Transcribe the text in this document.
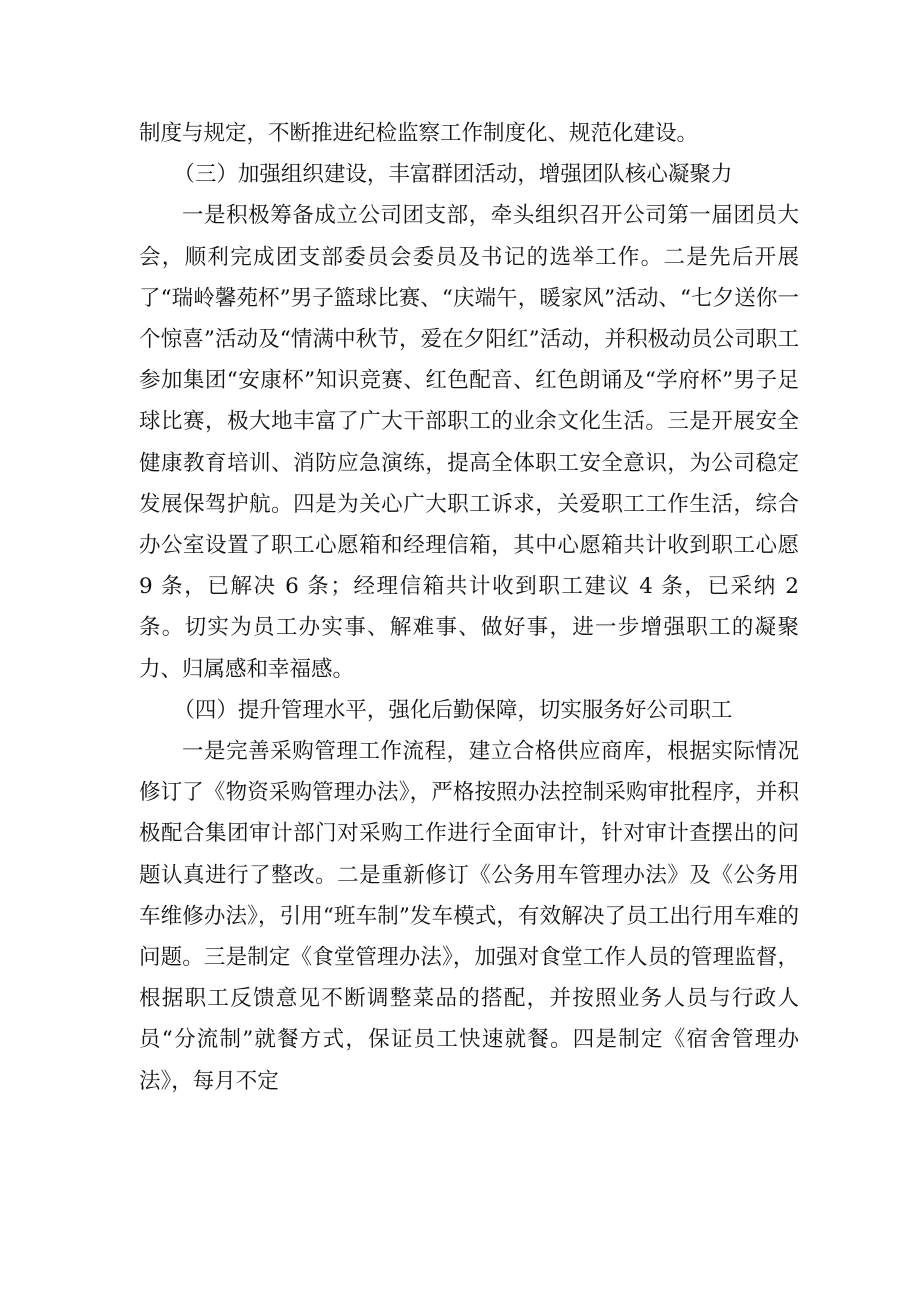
制度与规定，不断推进纪检监察工作制度化、规范化建设。

（三）加强组织建设，丰富群团活动，增强团队核心凝聚力

一是积极筹备成立公司团支部，牵头组织召开公司第一届团员大会，顺利完成团支部委员会委员及书记的选举工作。二是先后开展了“瑞岭馨苑杯”男子篮球比赛、“庆端午，暖家风”活动、“七夕送你一个惊喜”活动及“情满中秋节，爱在夕阳红”活动，并积极动员公司职工参加集团“安康杯”知识竞赛、红色配音、红色朗诵及“学府杯”男子足球比赛，极大地丰富了广大干部职工的业余文化生活。三是开展安全健康教育培训、消防应急演练，提高全体职工安全意识，为公司稳定发展保驾护航。四是为关心广大职工诉求，关爱职工工作生活，综合办公室设置了职工心愿箱和经理信箱，其中心愿箱共计收到职工心愿 9 条，已解决 6 条；经理信箱共计收到职工建议 4 条，已采纳 2 条。切实为员工办实事、解难事、做好事，进一步增强职工的凝聚力、归属感和幸福感。

（四）提升管理水平，强化后勤保障，切实服务好公司职工

一是完善采购管理工作流程，建立合格供应商库，根据实际情况修订了《物资采购管理办法》，严格按照办法控制采购审批程序，并积极配合集团审计部门对采购工作进行全面审计，针对审计查摆出的问题认真进行了整改。二是重新修订《公务用车管理办法》及《公务用车维修办法》，引用“班车制”发车模式，有效解决了员工出行用车难的问题。三是制定《食堂管理办法》，加强对食堂工作人员的管理监督，根据职工反馈意见不断调整菜品的搭配，并按照业务人员与行政人员“分流制”就餐方式，保证员工快速就餐。四是制定《宿舍管理办法》，每月不定
